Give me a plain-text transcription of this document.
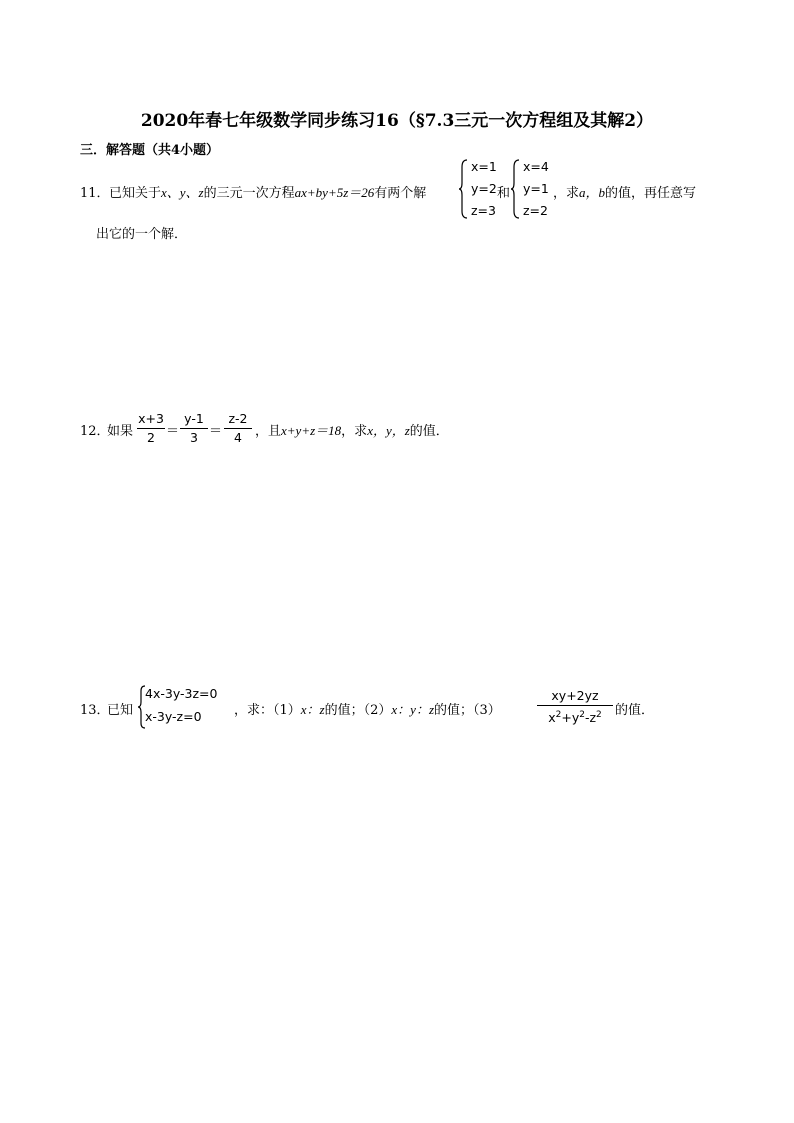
2020年春七年级数学同步练习16（§7.3三元一次方程组及其解2）
三．解答题（共4小题）
11． 已知关于x、y、z的三元一次方程ax+by+5z＝26有两个解
x=1
y=2
z=3
和
x=4
y=1
z=2
，求a，b的值，再任意写
出它的一个解．
12．
如果
x+3
2 ＝
y-1
3 ＝
z-2
4	，且x+y+z＝18，求x，y，z的值．
13．
已知
4x-3y-3z=0
x-3y-z=0 ，求：（1）x：z的值；（2）x：y：z的值；（3）
xy+2yz
$x^2+y^2-z^2$	的值．
